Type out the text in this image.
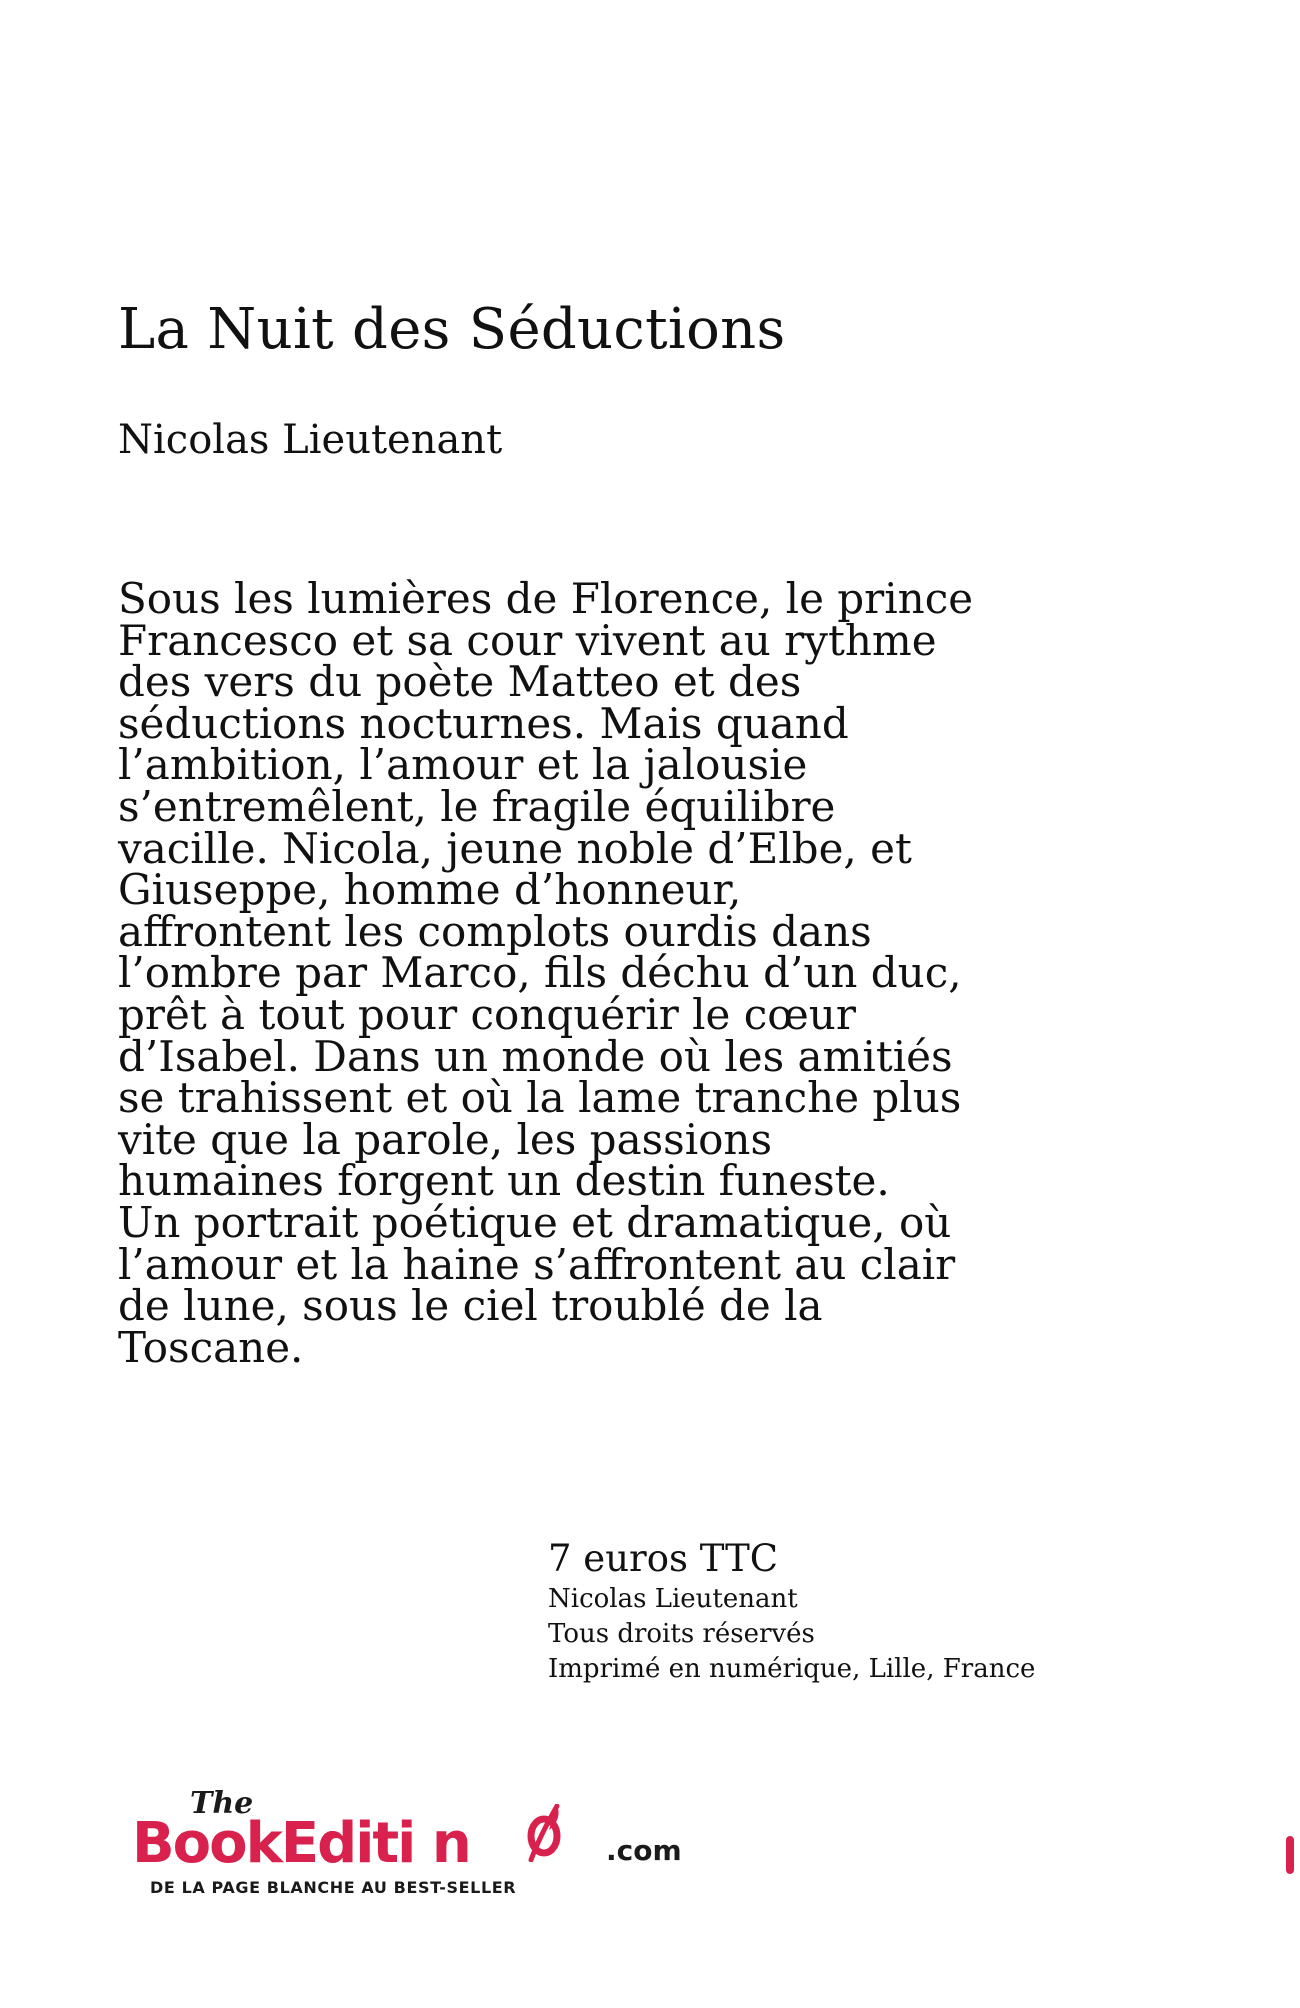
La Nuit des Séductions
Nicolas Lieutenant
Sous les lumières de Florence, le prince
Francesco et sa cour vivent au rythme
des vers du poète Matteo et des
séductions nocturnes. Mais quand
l’ambition, l’amour et la jalousie
s’entremêlent, le fragile équilibre
vacille. Nicola, jeune noble d’Elbe, et
Giuseppe, homme d’honneur,
affrontent les complots ourdis dans
l’ombre par Marco, fils déchu d’un duc,
prêt à tout pour conquérir le cœur
d’Isabel. Dans un monde où les amitiés
se trahissent et où la lame tranche plus
vite que la parole, les passions
humaines forgent un destin funeste.
Un portrait poétique et dramatique, où
l’amour et la haine s’affrontent au clair
de lune, sous le ciel troublé de la
Toscane.
7 euros TTC
Nicolas Lieutenant
Tous droits réservés
Imprimé en numérique, Lille, France
The
BookEditi n	.com
DE LA PAGE BLANCHE AU BEST-SELLER
